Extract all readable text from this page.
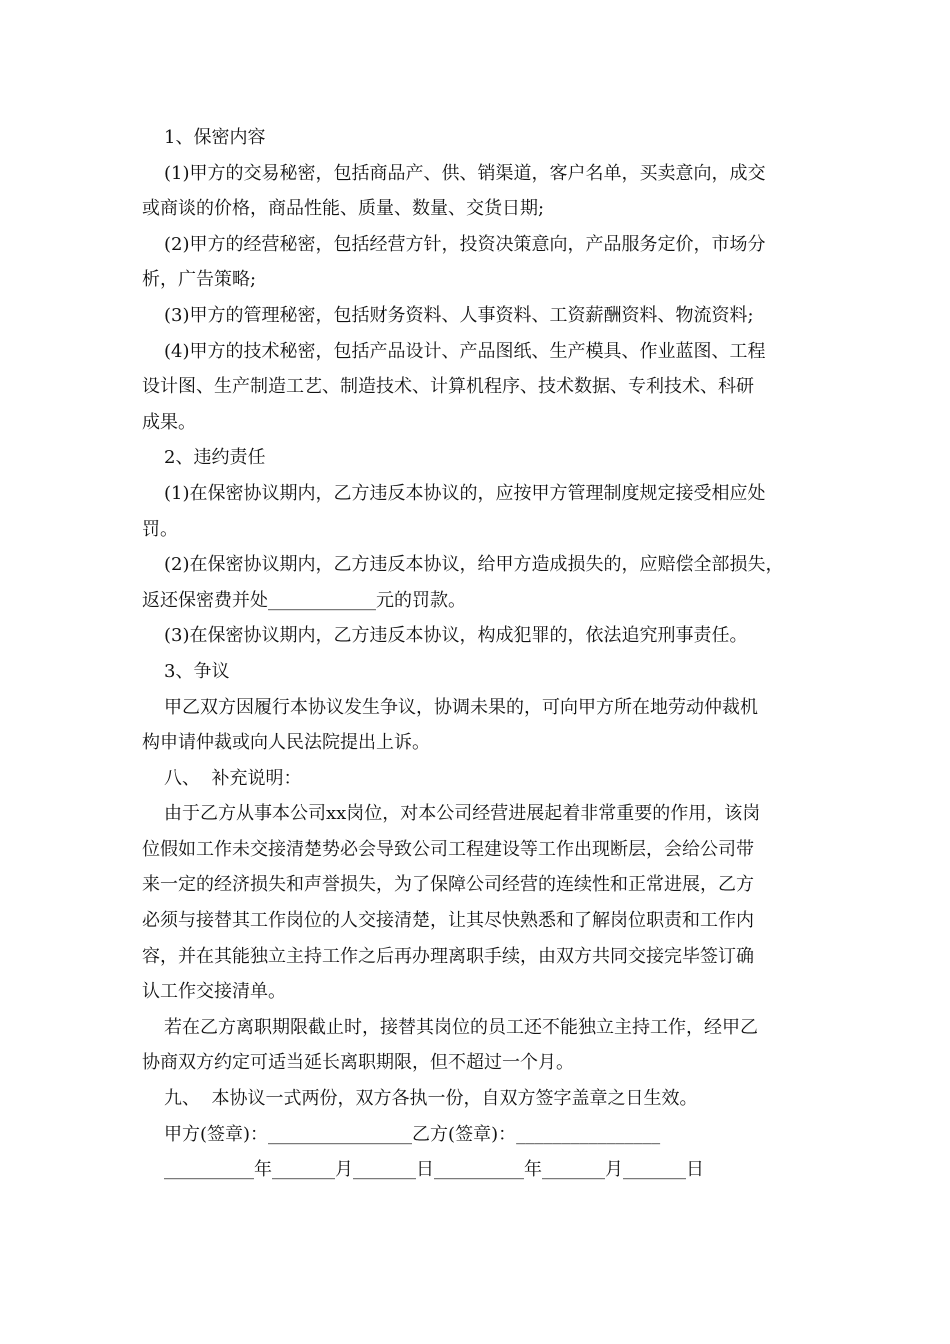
1、保密内容

(1)甲方的交易秘密，包括商品产、供、销渠道，客户名单，买卖意向，成交

或商谈的价格，商品性能、质量、数量、交货日期;

(2)甲方的经营秘密，包括经营方针，投资决策意向，产品服务定价，市场分

析，广告策略;

(3)甲方的管理秘密，包括财务资料、人事资料、工资薪酬资料、物流资料;

(4)甲方的技术秘密，包括产品设计、产品图纸、生产模具、作业蓝图、工程

设计图、生产制造工艺、制造技术、计算机程序、技术数据、专利技术、科研

成果。

2、违约责任

(1)在保密协议期内，乙方违反本协议的，应按甲方管理制度规定接受相应处

罚。

(2)在保密协议期内，乙方违反本协议，给甲方造成损失的，应赔偿全部损失，

返还保密费并处____________元的罚款。

(3)在保密协议期内，乙方违反本协议，构成犯罪的，依法追究刑事责任。

3、争议

甲乙双方因履行本协议发生争议，协调未果的，可向甲方所在地劳动仲裁机

构申请仲裁或向人民法院提出上诉。

八、  补充说明：

由于乙方从事本公司xx岗位，对本公司经营进展起着非常重要的作用，该岗

位假如工作未交接清楚势必会导致公司工程建设等工作出现断层，会给公司带

来一定的经济损失和声誉损失，为了保障公司经营的连续性和正常进展，乙方

必须与接替其工作岗位的人交接清楚，让其尽快熟悉和了解岗位职责和工作内

容，并在其能独立主持工作之后再办理离职手续，由双方共同交接完毕签订确

认工作交接清单。

若在乙方离职期限截止时，接替其岗位的员工还不能独立主持工作，经甲乙

协商双方约定可适当延长离职期限，但不超过一个月。

九、  本协议一式两份，双方各执一份，自双方签字盖章之日生效。

甲方(签章)：________________乙方(签章)：________________

__________年_______月_______日__________年_______月_______日
